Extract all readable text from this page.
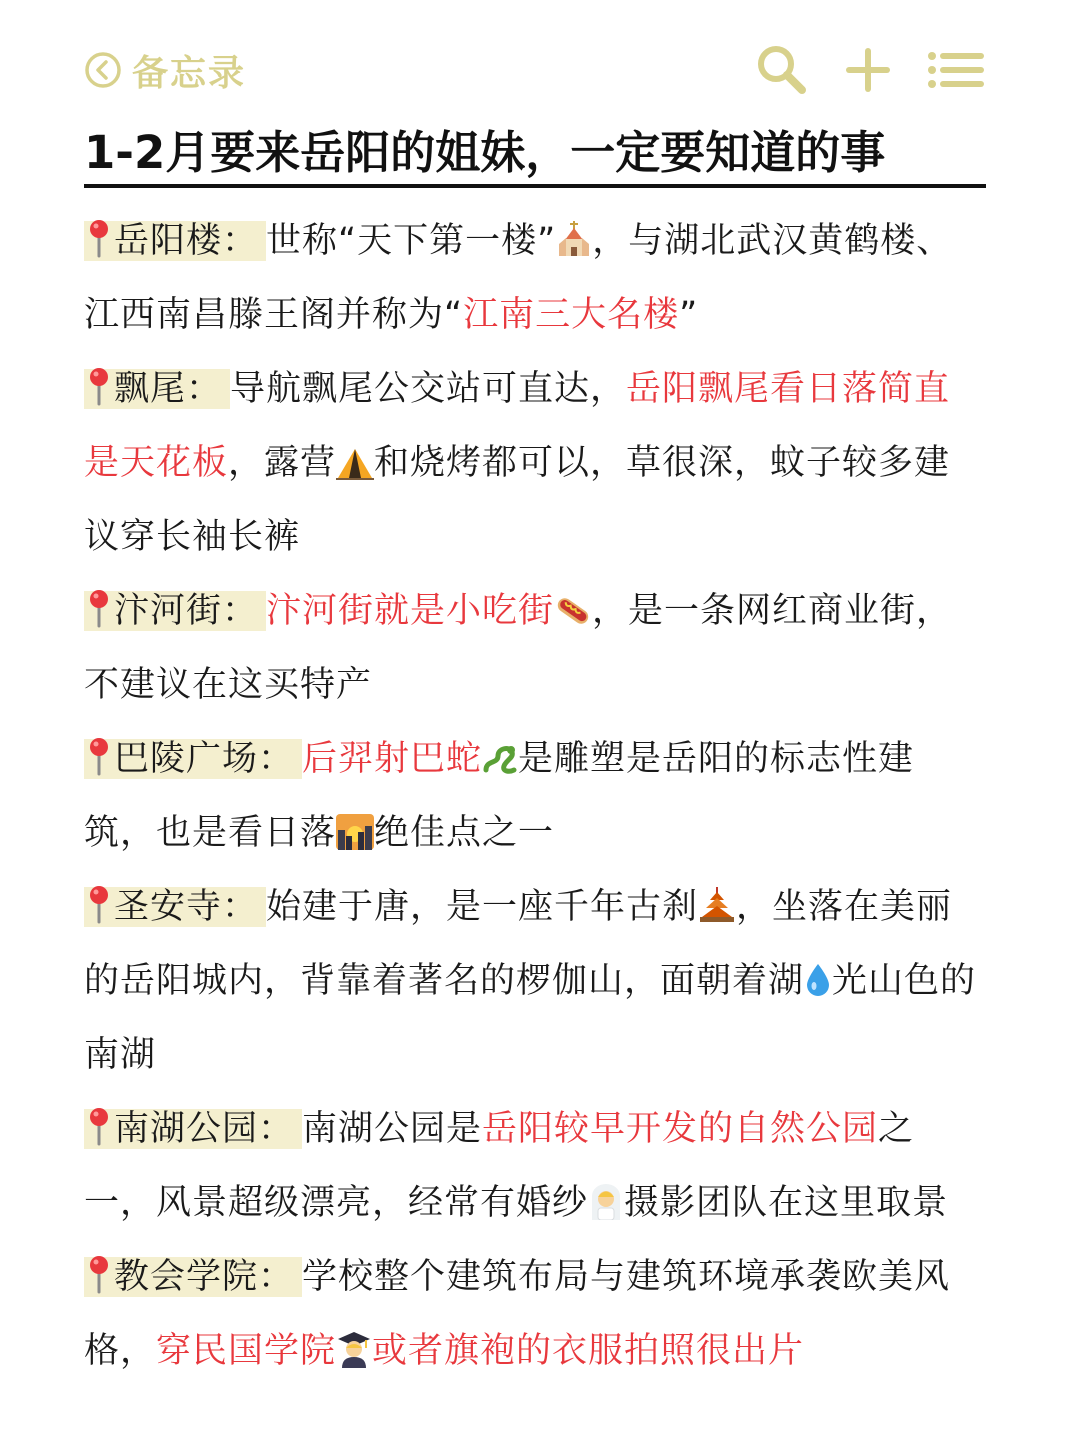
备忘录
1-2月要来岳阳的姐妹，一定要知道的事

岳阳楼： 世称“天下第一楼” ，与湖北武汉黄鹤楼、江西南昌滕王阁并称为“江南三大名楼”

飘尾： 导航飘尾公交站可直达，岳阳飘尾看日落简直是天花板，露营 和烧烤都可以，草很深，蚊子较多建议穿长袖长裤

汴河街： 汴河街就是小吃街 ，是一条网红商业街，不建议在这买特产

巴陵广场： 后羿射巴蛇 是雕塑是岳阳的标志性建筑，也是看日落 绝佳点之一

圣安寺： 始建于唐，是一座千年古刹 ，坐落在美丽的岳阳城内，背靠着著名的椤伽山，面朝着湖 光山色的南湖

南湖公园： 南湖公园是岳阳较早开发的自然公园之一，风景超级漂亮，经常有婚纱 摄影团队在这里取景

教会学院： 学校整个建筑布局与建筑环境承袭欧美风格，穿民国学院 或者旗袍的衣服拍照很出片
